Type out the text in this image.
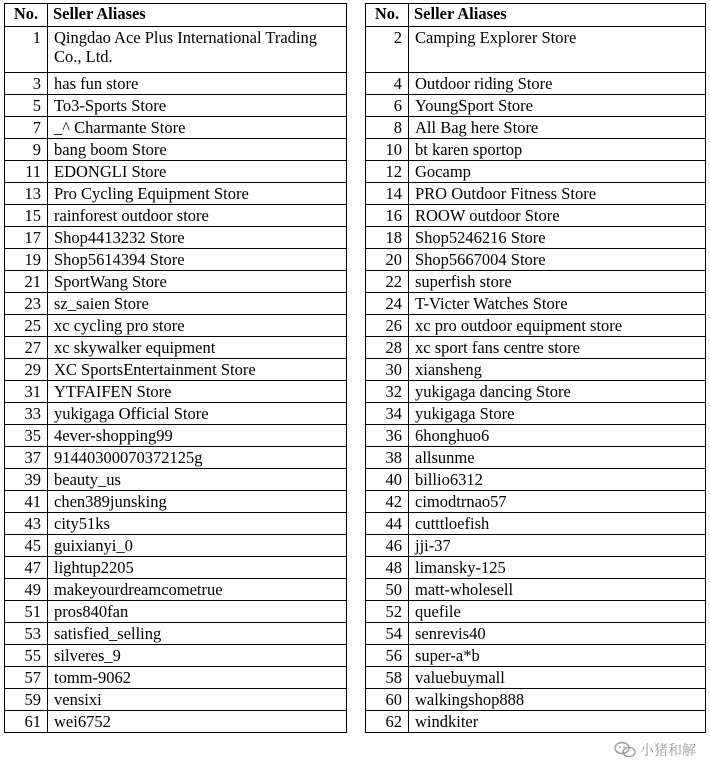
No.	Seller Aliases
1	Qingdao Ace Plus International Trading Co., Ltd.
3	has fun store
5	To3-Sports Store
7	_^ Charmante Store
9	bang boom Store
11	EDONGLI Store
13	Pro Cycling Equipment Store
15	rainforest outdoor store
17	Shop4413232 Store
19	Shop5614394 Store
21	SportWang Store
23	sz_saien Store
25	xc cycling pro store
27	xc skywalker equipment
29	XC SportsEntertainment Store
31	YTFAIFEN Store
33	yukigaga Official Store
35	4ever-shopping99
37	91440300070372125g
39	beauty_us
41	chen389junsking
43	city51ks
45	guixianyi_0
47	lightup2205
49	makeyourdreamcometrue
51	pros840fan
53	satisfied_selling
55	silveres_9
57	tomm-9062
59	vensixi
61	wei6752
No.	Seller Aliases
2	Camping Explorer Store
4	Outdoor riding Store
6	YoungSport Store
8	All Bag here Store
10	bt karen sportop
12	Gocamp
14	PRO Outdoor Fitness Store
16	ROOW outdoor Store
18	Shop5246216 Store
20	Shop5667004 Store
22	superfish store
24	T-Victer Watches Store
26	xc pro outdoor equipment store
28	xc sport fans centre store
30	xiansheng
32	yukigaga dancing Store
34	yukigaga Store
36	6honghuo6
38	allsunme
40	billio6312
42	cimodtrnao57
44	cutttloefish
46	jji-37
48	limansky-125
50	matt-wholesell
52	quefile
54	senrevis40
56	super-a*b
58	valuebuymall
60	walkingshop888
62	windkiter
小猪和解
